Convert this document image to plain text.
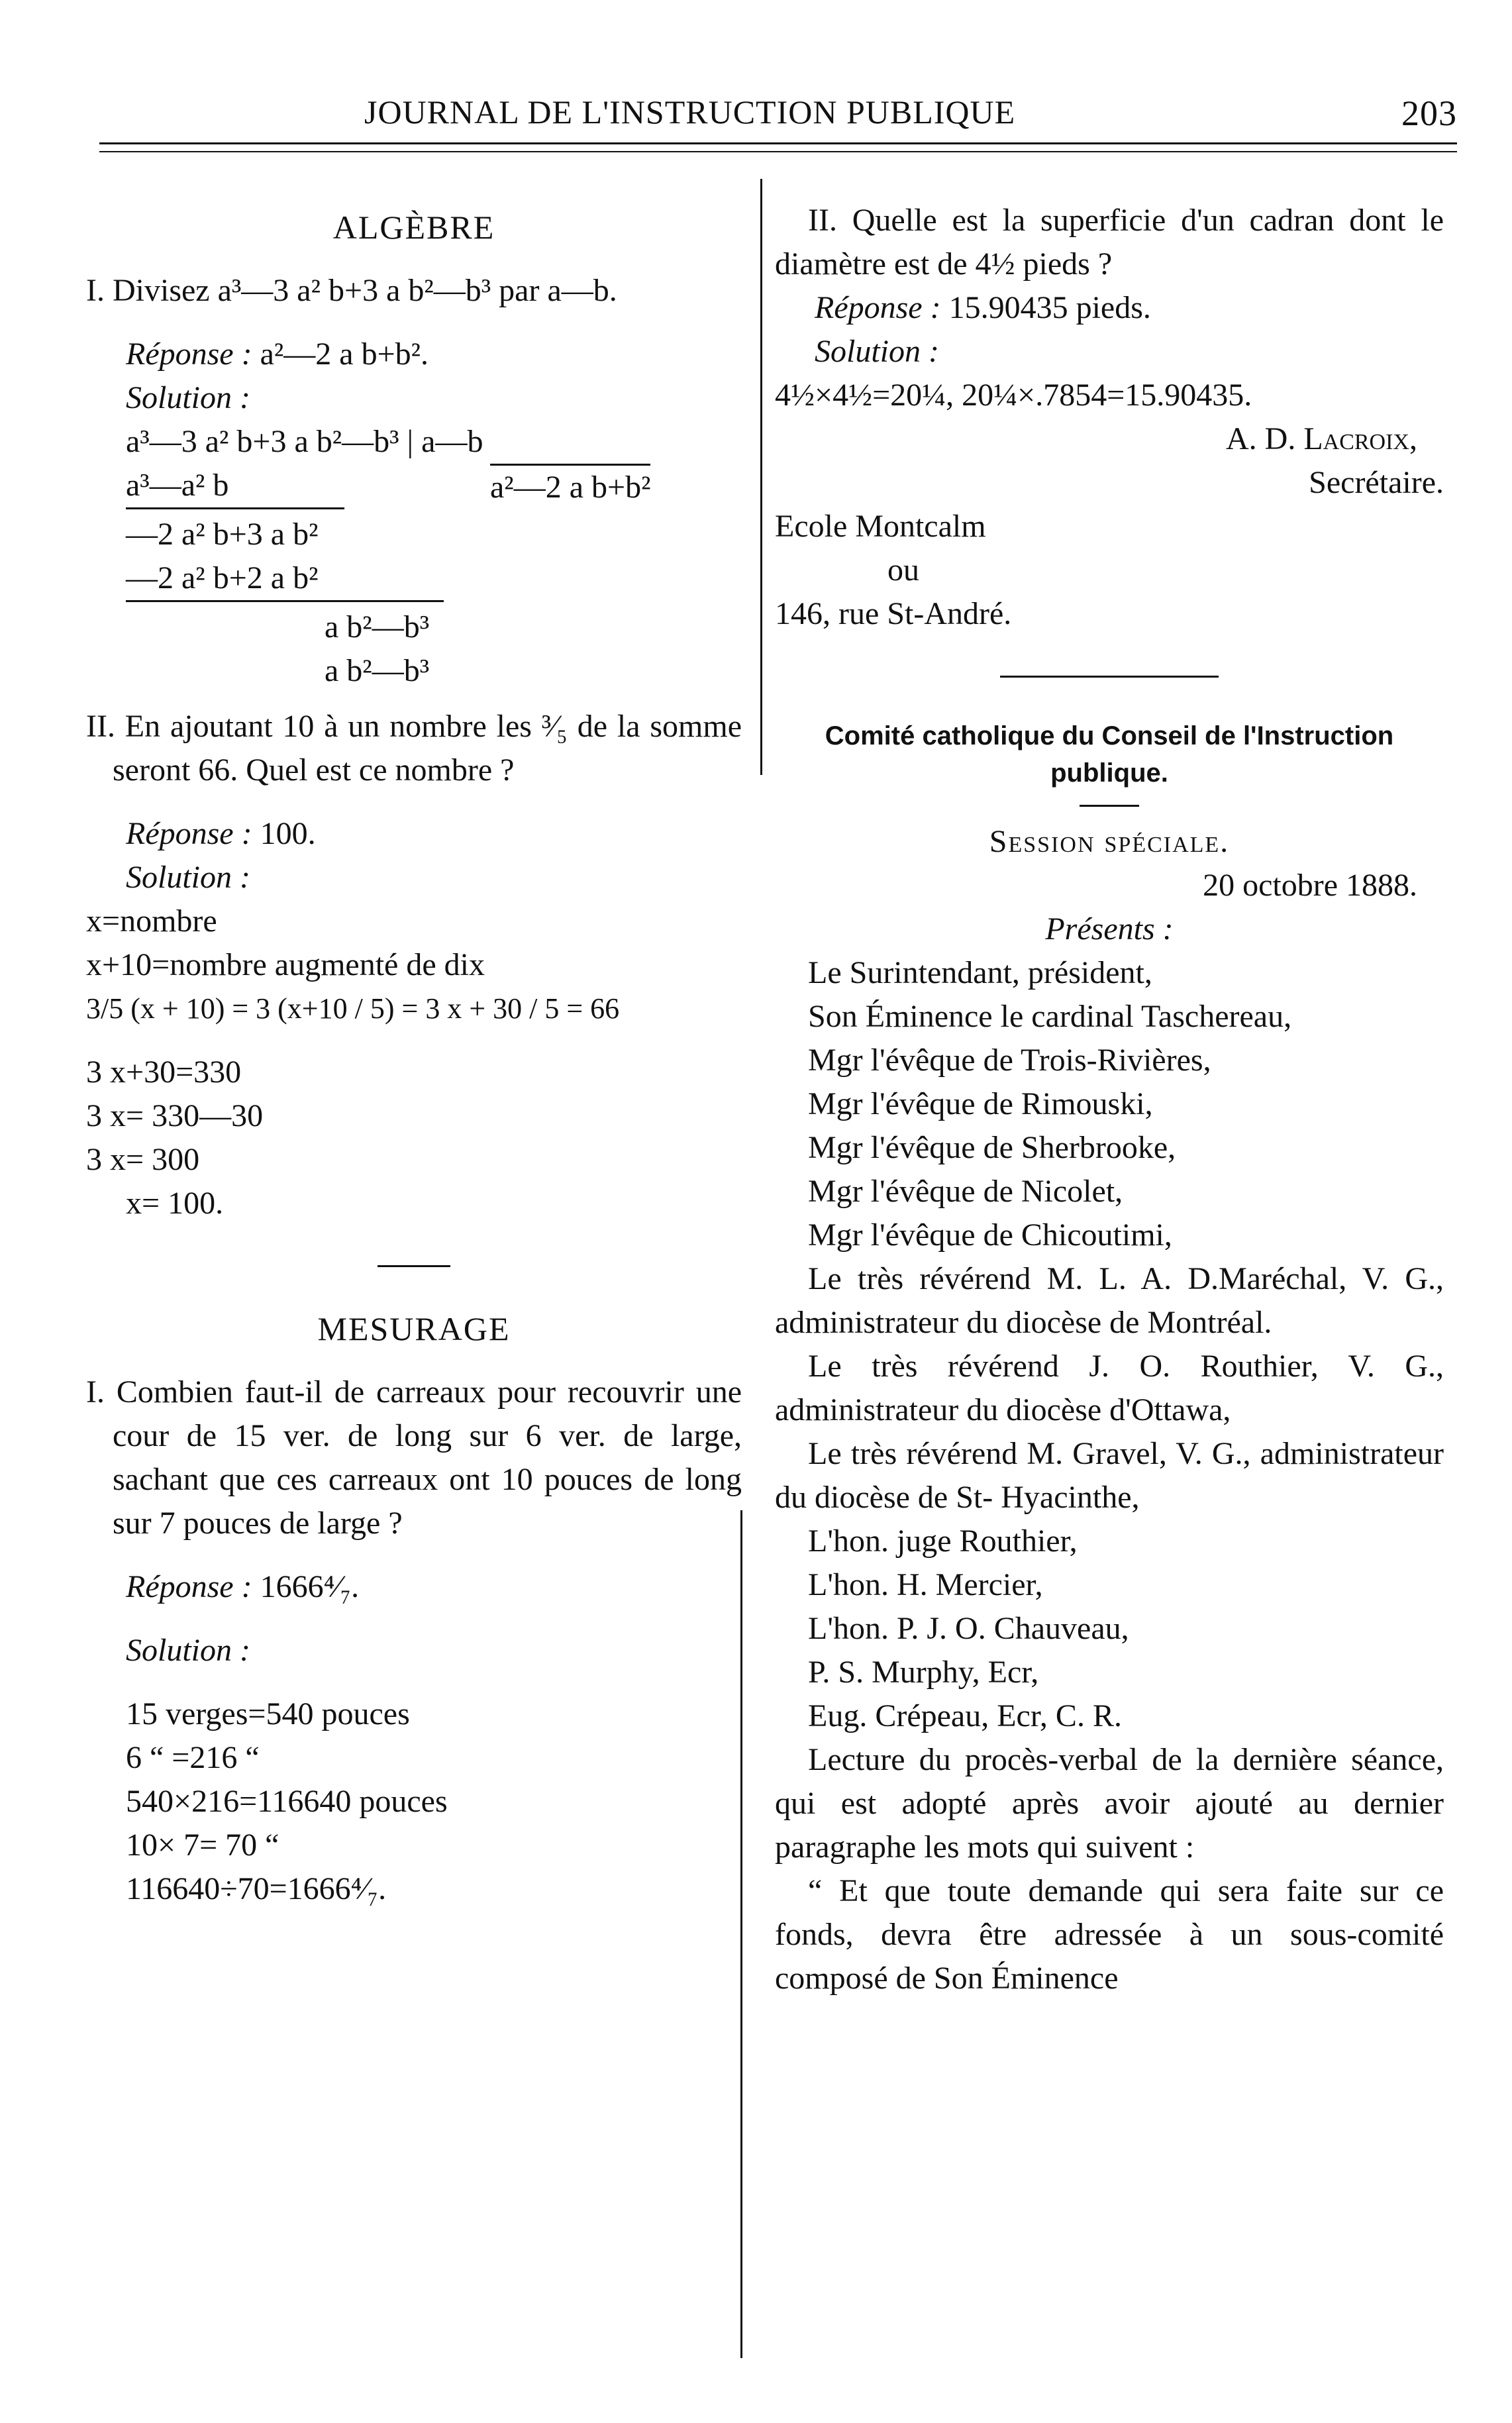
JOURNAL DE L'INSTRUCTION PUBLIQUE	203
ALGÈBRE

I. Divisez a³—3 a² b+3 a b²—b³ par a—b.

Réponse : a²—2 a b+b².
Solution :
a³—3 a² b+3 a b²—b³ | a—b
a³—a² b	a²—2 a b+b²
—2 a² b+3 a b²
—2 a² b+2 a b²
a b²—b³
a b²—b³

II. En ajoutant 10 à un nombre les ³⁄₅ de la somme seront 66. Quel est ce nombre ?

Réponse : 100.
Solution :
x=nombre
x+10=nombre augmenté de dix
3/5 (x + 10) = 3 (x+10 / 5) = 3 x + 30 / 5 = 66
3 x+30=330
3 x= 330—30
3 x= 300
x= 100.
MESURAGE

I. Combien faut-il de carreaux pour recouvrir une cour de 15 ver. de long sur 6 ver. de large, sachant que ces carreaux ont 10 pouces de long sur 7 pouces de large ?

Réponse : 1666⁴⁄₇.
Solution :
15 verges=540 pouces
6 “ =216 “
540×216=116640 pouces
10× 7= 70 “
116640÷70=1666⁴⁄₇.

II. Quelle est la superficie d'un cadran dont le diamètre est de 4½ pieds ?

Réponse : 15.90435 pieds.
Solution :
4½×4½=20¼, 20¼×.7854=15.90435.
A. D. Lacroix,
Secrétaire.
Ecole Montcalm
ou
146, rue St-André.
Comité catholique du Conseil de l'Instruction publique.
Session spéciale.
20 octobre 1888.
Présents :

Le Surintendant, président,

Son Éminence le cardinal Taschereau,

Mgr l'évêque de Trois-Rivières,

Mgr l'évêque de Rimouski,

Mgr l'évêque de Sherbrooke,

Mgr l'évêque de Nicolet,

Mgr l'évêque de Chicoutimi,

Le très révérend M. L. A. D.Maréchal, V. G., administrateur du diocèse de Montréal.

Le très révérend J. O. Routhier, V. G., administrateur du diocèse d'Ottawa,

Le très révérend M. Gravel, V. G., administrateur du diocèse de St- Hyacinthe,

L'hon. juge Routhier,

L'hon. H. Mercier,

L'hon. P. J. O. Chauveau,

P. S. Murphy, Ecr,

Eug. Crépeau, Ecr, C. R.

Lecture du procès-verbal de la dernière séance, qui est adopté après avoir ajouté au dernier paragraphe les mots qui suivent :

“ Et que toute demande qui sera faite sur ce fonds, devra être adressée à un sous-comité composé de Son Éminence
